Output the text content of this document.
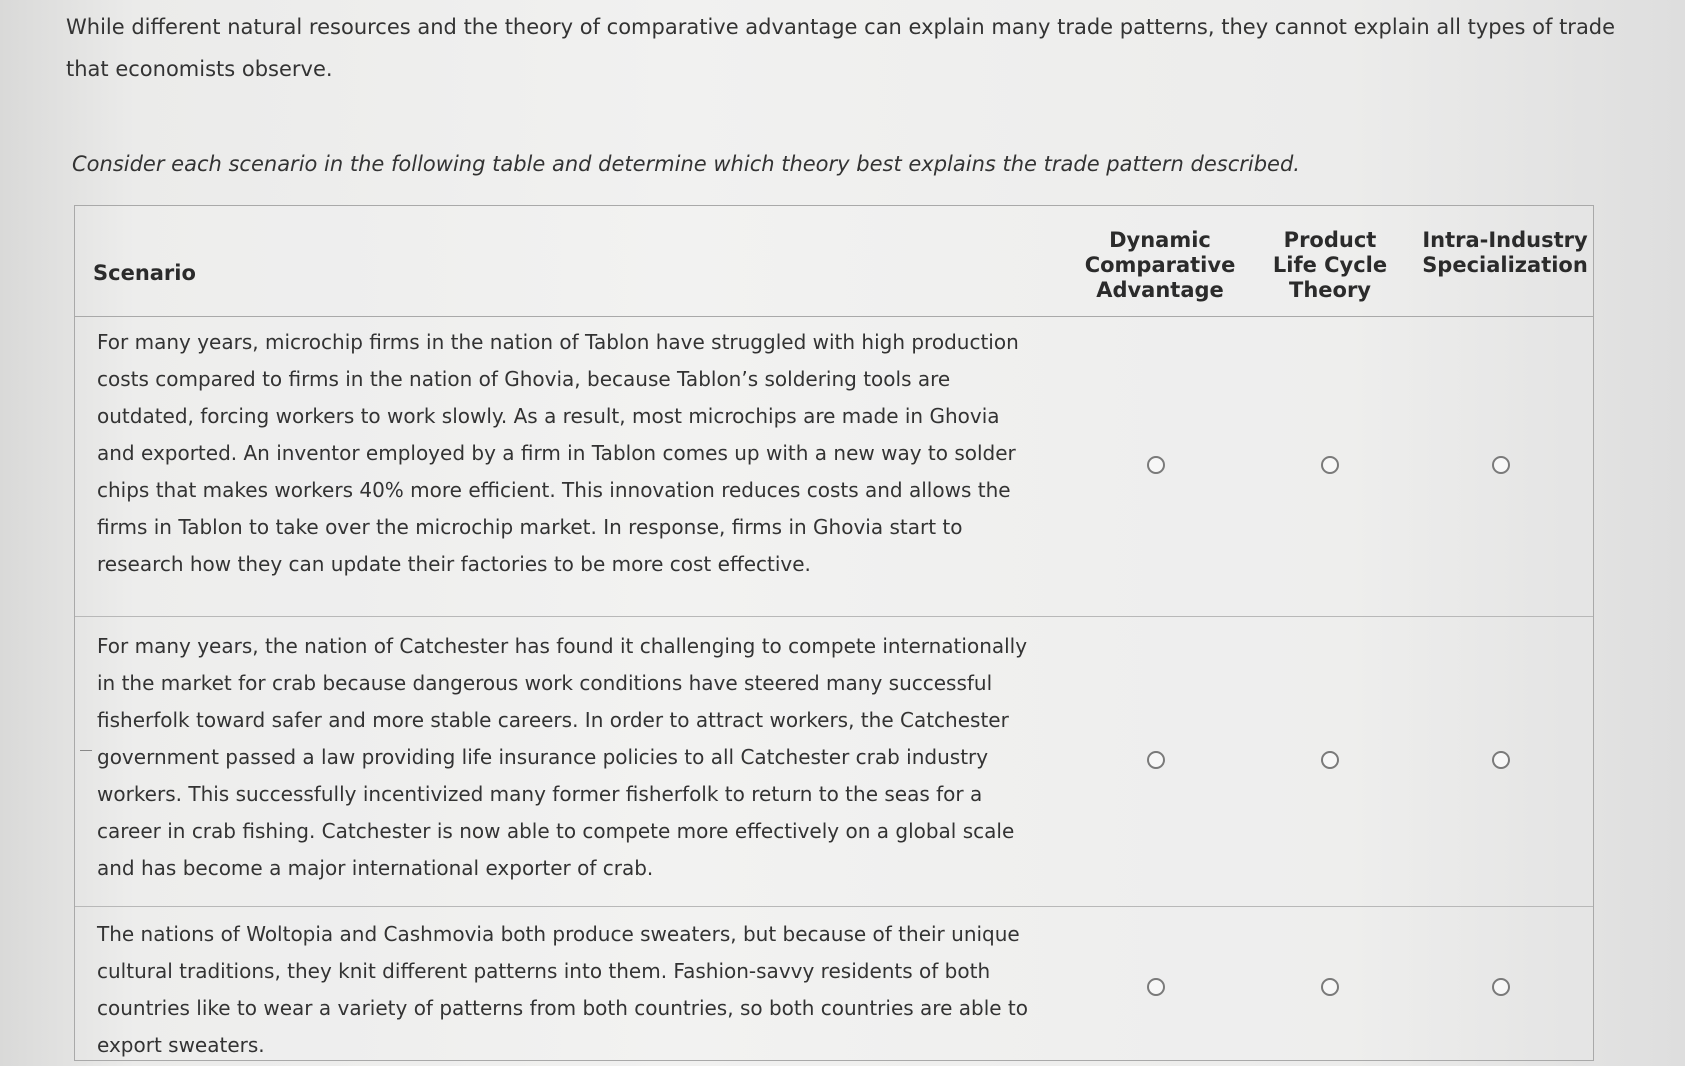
While different natural resources and the theory of comparative advantage can explain many trade patterns, they cannot explain all types of trade that economists observe.

Consider each scenario in the following table and determine which theory best explains the trade pattern described.

Scenario
Dynamic
Comparative
Advantage
Product
Life Cycle
Theory
Intra-Industry
Specialization

For many years, microchip firms in the nation of Tablon have struggled with high production costs compared to firms in the nation of Ghovia, because Tablon’s soldering tools are outdated, forcing workers to work slowly. As a result, most microchips are made in Ghovia and exported. An inventor employed by a firm in Tablon comes up with a new way to solder chips that makes workers 40% more efficient. This innovation reduces costs and allows the firms in Tablon to take over the microchip market. In response, firms in Ghovia start to research how they can update their factories to be more cost effective.

For many years, the nation of Catchester has found it challenging to compete internationally in the market for crab because dangerous work conditions have steered many successful fisherfolk toward safer and more stable careers. In order to attract workers, the Catchester government passed a law providing life insurance policies to all Catchester crab industry workers. This successfully incentivized many former fisherfolk to return to the seas for a career in crab fishing. Catchester is now able to compete more effectively on a global scale and has become a major international exporter of crab.

The nations of Woltopia and Cashmovia both produce sweaters, but because of their unique cultural traditions, they knit different patterns into them. Fashion-savvy residents of both countries like to wear a variety of patterns from both countries, so both countries are able to export sweaters.
